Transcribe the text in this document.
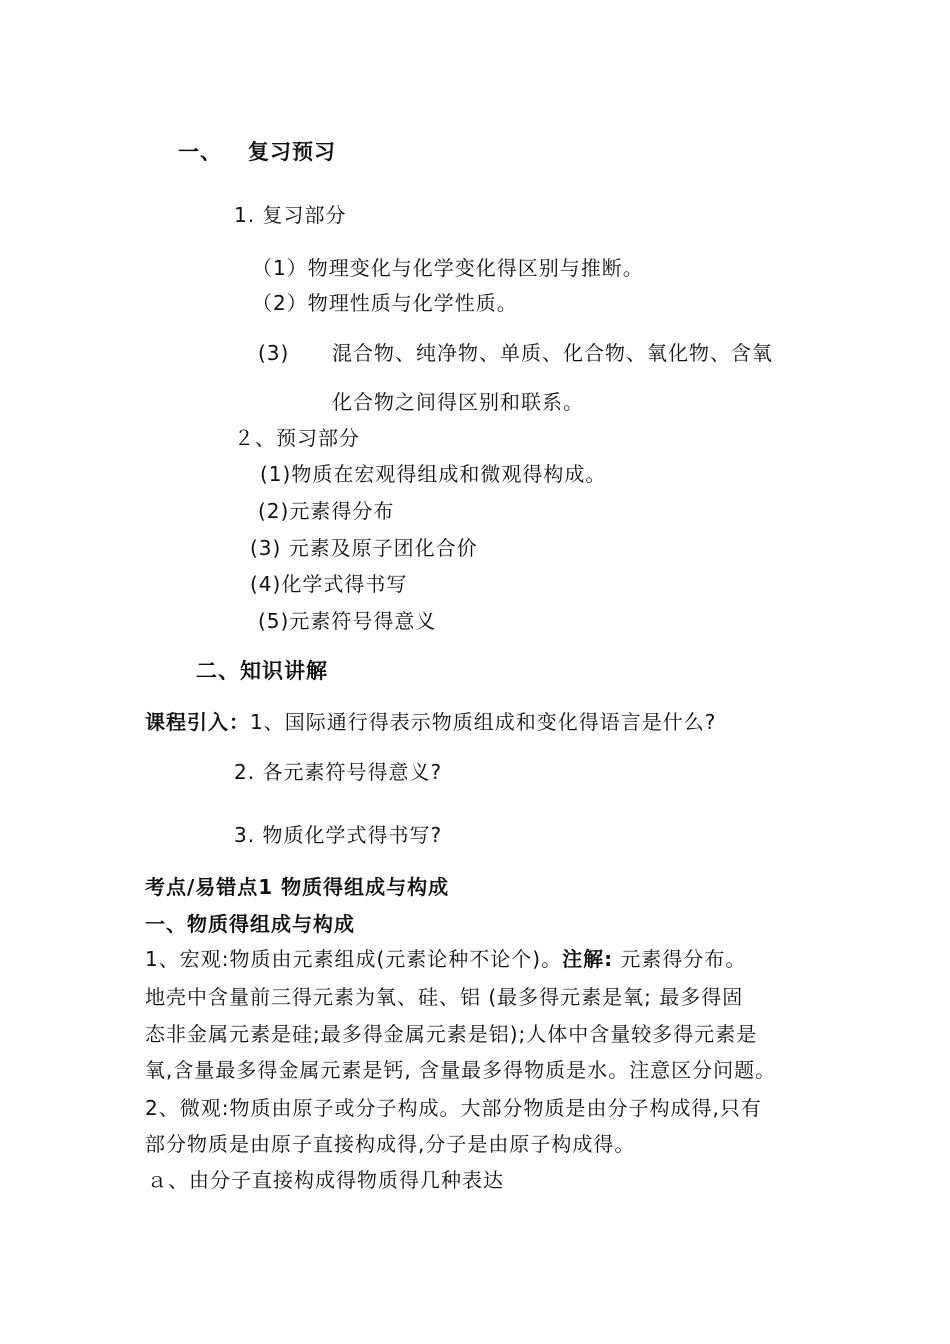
一、 复习预习
1. 复习部分
（1）物理变化与化学变化得区别与推断。
（2）物理性质与化学性质。
(3) 混合物、纯净物、单质、化合物、氧化物、含氧
化合物之间得区别和联系。
２、预习部分
(1)物质在宏观得组成和微观得构成。
(2)元素得分布
(3) 元素及原子团化合价
(4)化学式得书写
(5)元素符号得意义
二、知识讲解
课程引入：1、国际通行得表示物质组成和变化得语言是什么?
2. 各元素符号得意义?
3. 物质化学式得书写?
考点/易错点1 物质得组成与构成
一、物质得组成与构成
1、宏观:物质由元素组成(元素论种不论个)。注解: 元素得分布。
地壳中含量前三得元素为氧、硅、铝 (最多得元素是氧; 最多得固
态非金属元素是硅;最多得金属元素是铝);人体中含量较多得元素是
氧,含量最多得金属元素是钙, 含量最多得物质是水。注意区分问题。
2、微观:物质由原子或分子构成。大部分物质是由分子构成得,只有
部分物质是由原子直接构成得,分子是由原子构成得。
ａ、由分子直接构成得物质得几种表达
